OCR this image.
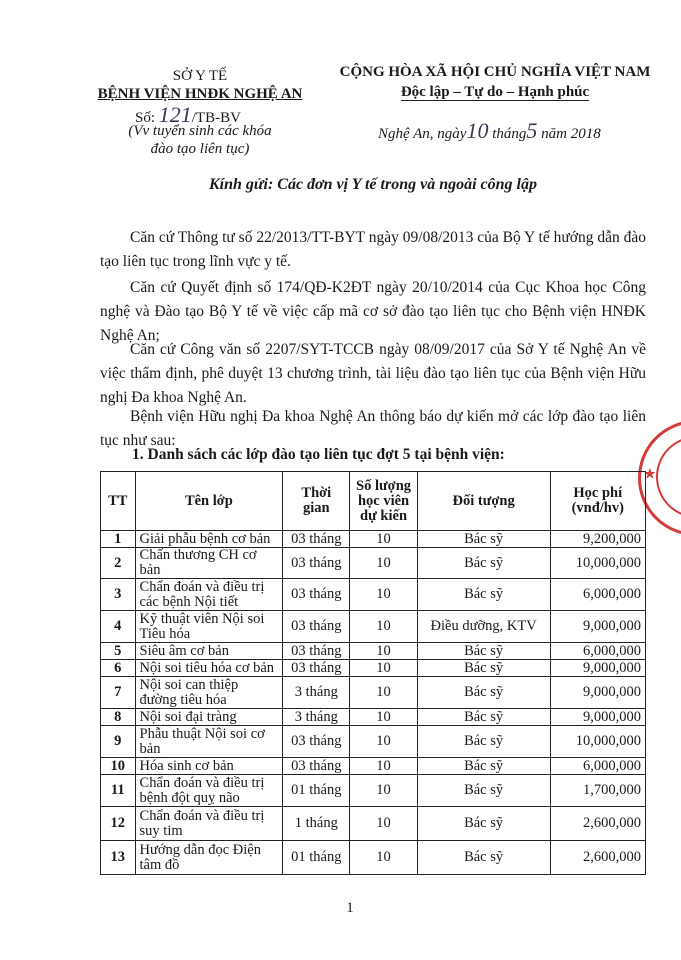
SỞ Y TẾ
BỆNH VIỆN HNĐK NGHỆ AN
Số: 121/TB-BV
(Vv tuyển sinh các khóa
đào tạo liên tục)
CỘNG HÒA XÃ HỘI CHỦ NGHĨA VIỆT NAM
Độc lập – Tự do – Hạnh phúc
Nghệ An, ngày10 tháng5 năm 2018
Kính gửi: Các đơn vị Y tế trong và ngoài công lập
Căn cứ Thông tư số 22/2013/TT-BYT ngày 09/08/2013 của Bộ Y tế hướng dẫn đào tạo liên tục trong lĩnh vực y tế.
Căn cứ Quyết định số 174/QĐ-K2ĐT ngày 20/10/2014 của Cục Khoa học Công nghệ và Đào tạo Bộ Y tế về việc cấp mã cơ sở đào tạo liên tục cho Bệnh viện HNĐK Nghệ An;
Căn cứ Công văn số 2207/SYT-TCCB ngày 08/09/2017 của Sở Y tế Nghệ An về việc thẩm định, phê duyệt 13 chương trình, tài liệu đào tạo liên tục của Bệnh viện Hữu nghị Đa khoa Nghệ An.
Bệnh viện Hữu nghị Đa khoa Nghệ An thông báo dự kiến mở các lớp đào tạo liên tục như sau:
1. Danh sách các lớp đào tạo liên tục đợt 5 tại bệnh viện:
★
TT	Tên lớp	Thời gian	Số lượng học viên dự kiến	Đối tượng	Học phí (vnđ/hv)
1	Giải phẫu bệnh cơ bản	03 tháng	10	Bác sỹ	9,200,000
2	Chấn thương CH cơ bản	03 tháng	10	Bác sỹ	10,000,000
3	Chẩn đoán và điều trị các bệnh Nội tiết	03 tháng	10	Bác sỹ	6,000,000
4	Kỹ thuật viên Nội soi Tiêu hóa	03 tháng	10	Điều dưỡng, KTV	9,000,000
5	Siêu âm cơ bản	03 tháng	10	Bác sỹ	6,000,000
6	Nội soi tiêu hóa cơ bản	03 tháng	10	Bác sỹ	9,000,000
7	Nội soi can thiệp đường tiêu hóa	3 tháng	10	Bác sỹ	9,000,000
8	Nội soi đại tràng	3 tháng	10	Bác sỹ	9,000,000
9	Phẫu thuật Nội soi cơ bản	03 tháng	10	Bác sỹ	10,000,000
10	Hóa sinh cơ bản	03 tháng	10	Bác sỹ	6,000,000
11	Chẩn đoán và điều trị bệnh đột quỵ não	01 tháng	10	Bác sỹ	1,700,000
12	Chẩn đoán và điều trị suy tim	1 tháng	10	Bác sỹ	2,600,000
13	Hướng dẫn đọc Điện tâm đồ	01 tháng	10	Bác sỹ	2,600,000
1
